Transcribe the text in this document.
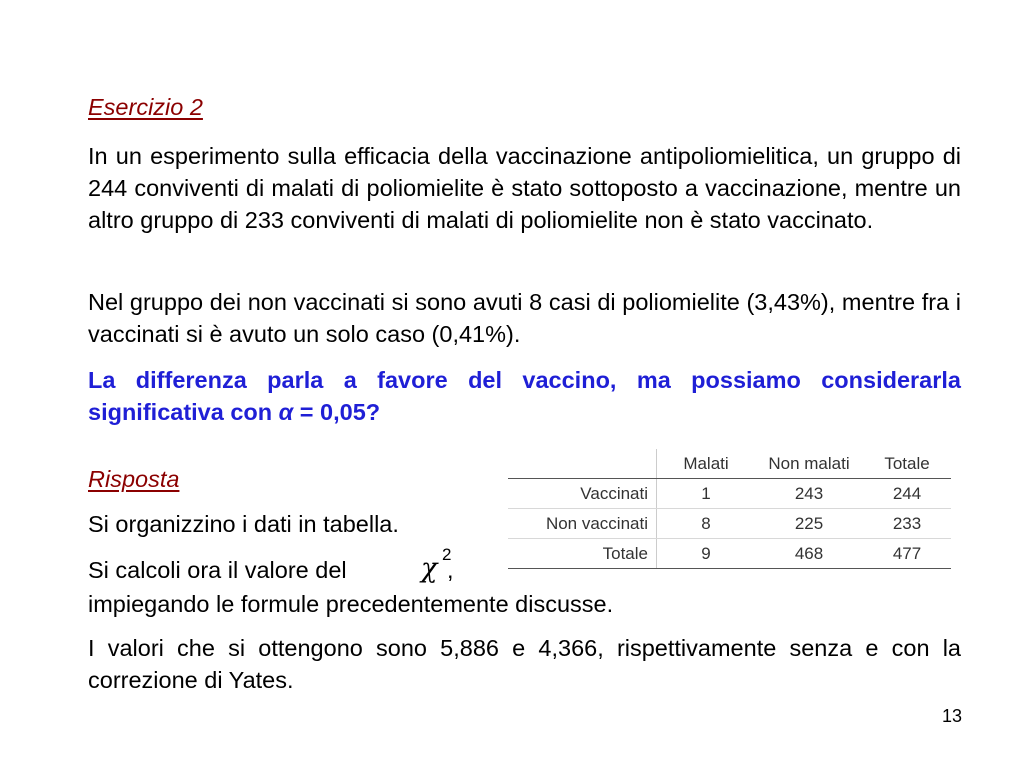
Esercizio 2
In un esperimento sulla efficacia della vaccinazione antipoliomielitica, un gruppo di 244 conviventi di malati di poliomielite è stato sottoposto a vaccinazione, mentre un altro gruppo di 233 conviventi di malati di poliomielite non è stato vaccinato.
Nel gruppo dei non vaccinati si sono avuti 8 casi di poliomielite (3,43%), mentre fra i vaccinati si è avuto un solo caso (0,41%).
La differenza parla a favore del vaccino, ma possiamo considerarla significativa con α = 0,05?
Risposta
Si organizzino i dati in tabella.
Si calcoli ora il valore del	χ 2
,
impiegando le formule precedentemente discusse.
I valori che si ottengono sono 5,886 e 4,366, rispettivamente senza e con la correzione di Yates.
	Malati	Non malati	Totale
Vaccinati	1	243	244
Non vaccinati	8	225	233
Totale	9	468	477
13
